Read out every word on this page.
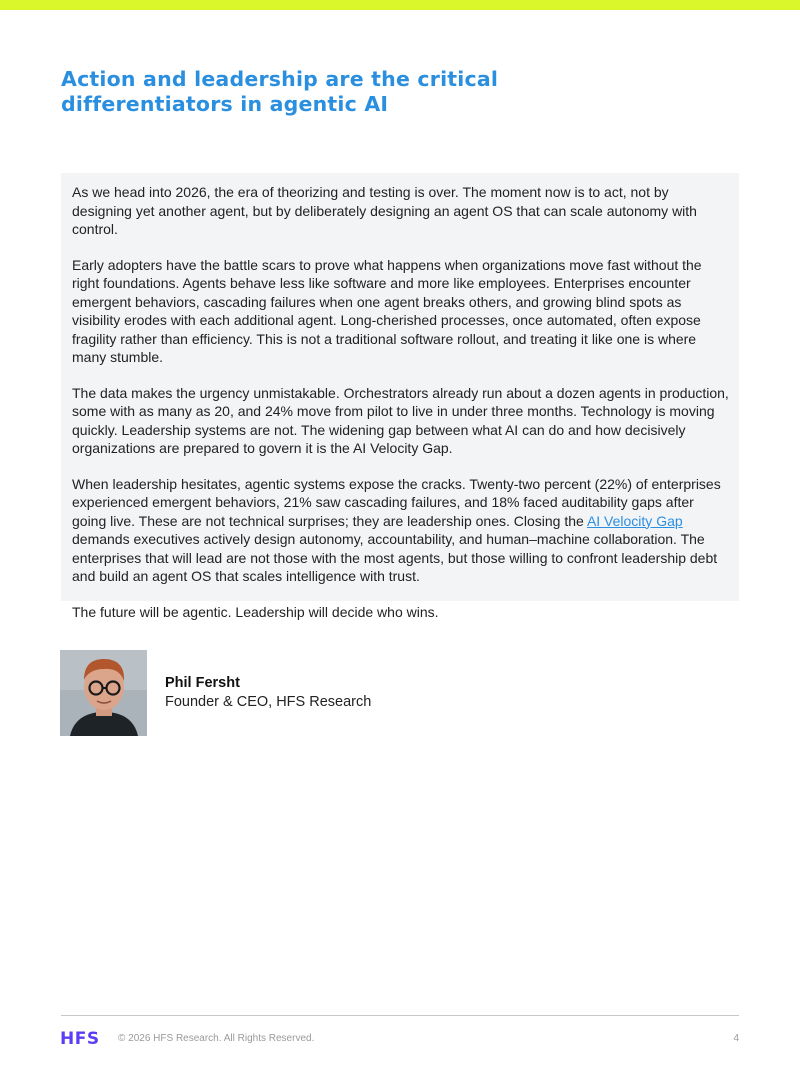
Action and leadership are the critical
differentiators in agentic AI

As we head into 2026, the era of theorizing and testing is over. The moment now is to act, not by designing yet another agent, but by deliberately designing an agent OS that can scale autonomy with control.

Early adopters have the battle scars to prove what happens when organizations move fast without the right foundations. Agents behave less like software and more like employees. Enterprises encounter emergent behaviors, cascading failures when one agent breaks others, and growing blind spots as visibility erodes with each additional agent. Long-cherished processes, once automated, often expose fragility rather than efficiency. This is not a traditional software rollout, and treating it like one is where many stumble.

The data makes the urgency unmistakable. Orchestrators already run about a dozen agents in production, some with as many as 20, and 24% move from pilot to live in under three months. Technology is moving quickly. Leadership systems are not. The widening gap between what AI can do and how decisively organizations are prepared to govern it is the AI Velocity Gap.

When leadership hesitates, agentic systems expose the cracks. Twenty-two percent (22%) of enterprises experienced emergent behaviors, 21% saw cascading failures, and 18% faced auditability gaps after going live. These are not technical surprises; they are leadership ones. Closing the AI Velocity Gap demands executives actively design autonomy, accountability, and human–machine collaboration. The enterprises that will lead are not those with the most agents, but those willing to confront leadership debt and build an agent OS that scales intelligence with trust.

The future will be agentic. Leadership will decide who wins.

Phil Fersht
Founder & CEO, HFS Research
HFS © 2026 HFS Research. All Rights Reserved.	4
